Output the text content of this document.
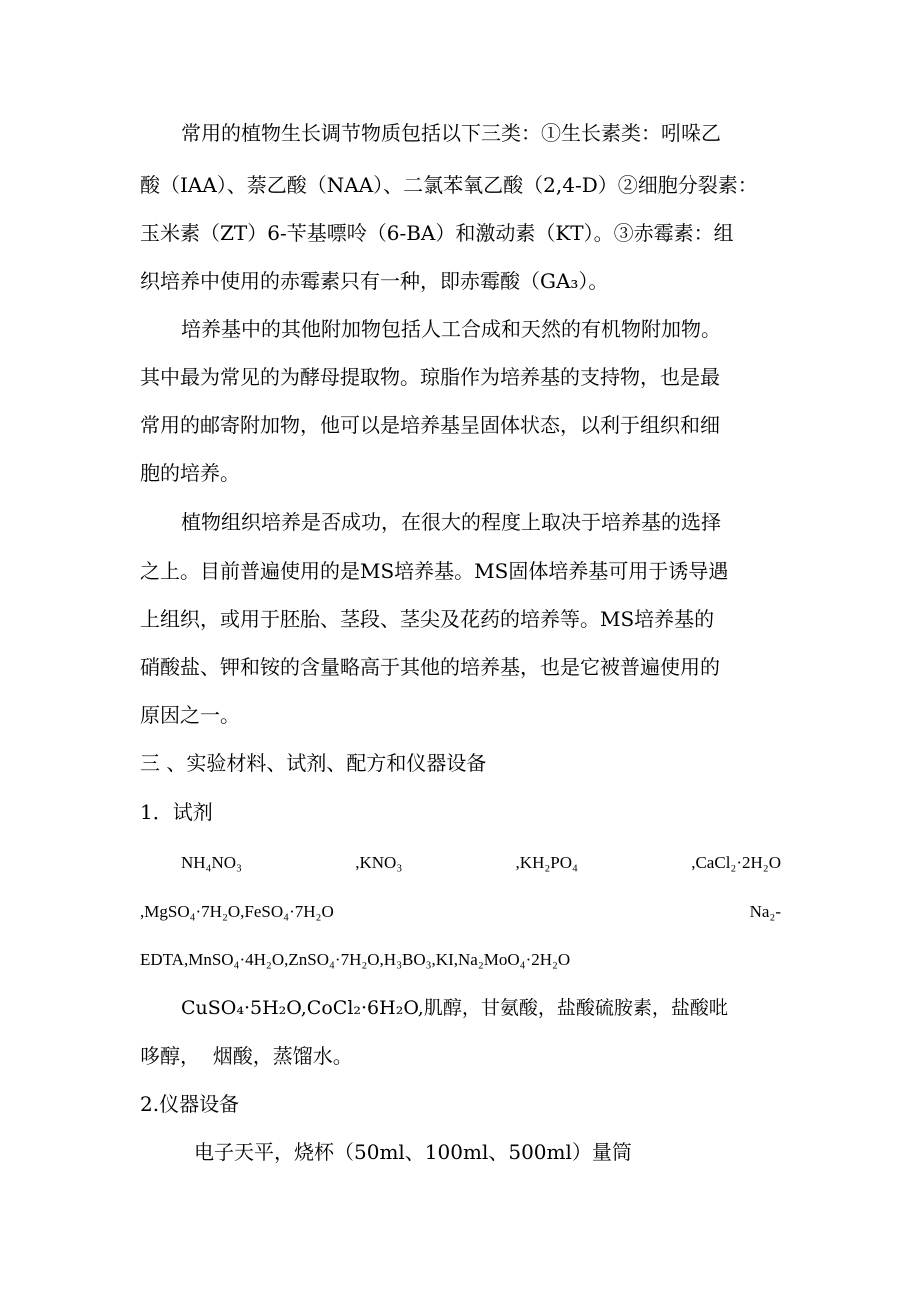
常用的植物生长调节物质包括以下三类：①生长素类：吲哚乙
酸（IAA）、萘乙酸（NAA）、二氯苯氧乙酸（2,4-D）②细胞分裂素：
玉米素（ZT）6-苄基嘌呤（6-BA）和激动素（KT）。③赤霉素：组
织培养中使用的赤霉素只有一种，即赤霉酸（GA₃）。
培养基中的其他附加物包括人工合成和天然的有机物附加物。
其中最为常见的为酵母提取物。琼脂作为培养基的支持物，也是最
常用的邮寄附加物，他可以是培养基呈固体状态，以利于组织和细
胞的培养。
植物组织培养是否成功，在很大的程度上取决于培养基的选择
之上。目前普遍使用的是MS培养基。MS固体培养基可用于诱导遇
上组织，或用于胚胎、茎段、茎尖及花药的培养等。MS培养基的
硝酸盐、钾和铵的含量略高于其他的培养基，也是它被普遍使用的
原因之一。
三 、实验材料、试剂、配方和仪器设备
1．试剂
NH₄NO₃	,KNO₃	,KH₂PO₄	,CaCl₂·2H₂O
,MgSO₄·7H₂O,FeSO₄·7H₂O	Na₂-
EDTA,MnSO₄·4H₂O,ZnSO₄·7H₂O,H₃BO₃,KI,Na₂MoO₄·2H₂O
CuSO₄·5H₂O,CoCl₂·6H₂O,肌醇，甘氨酸，盐酸硫胺素，盐酸吡
哆醇，  烟酸，蒸馏水。
2.仪器设备
电子天平，烧杯（50ml、100ml、500ml）量筒
